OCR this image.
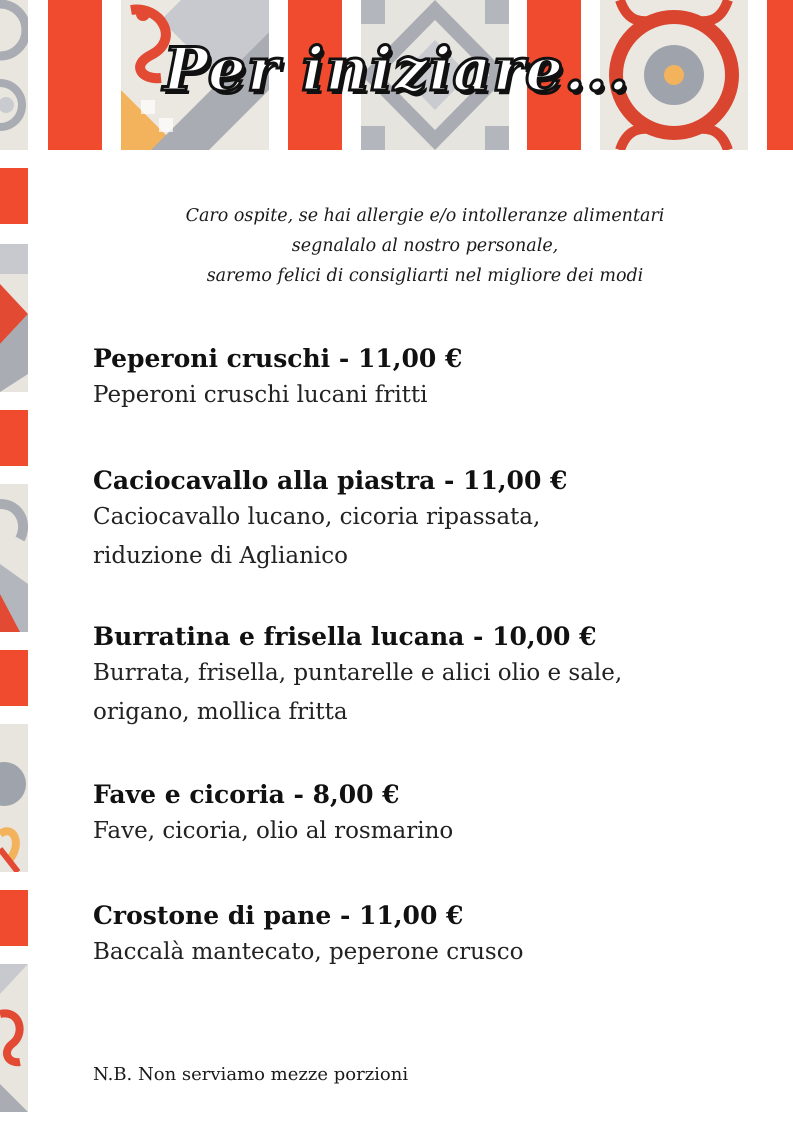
Per iniziare...
Caro ospite, se hai allergie e/o intolleranze alimentari
segnalalo al nostro personale,
saremo felici di consigliarti nel migliore dei modi
Peperoni cruschi - 11,00 €
Peperoni cruschi lucani fritti
Caciocavallo alla piastra - 11,00 €
Caciocavallo lucano, cicoria ripassata,
riduzione di Aglianico
Burratina e frisella lucana - 10,00 €
Burrata, frisella, puntarelle e alici olio e sale,
origano, mollica fritta
Fave e cicoria - 8,00 €
Fave, cicoria, olio al rosmarino
Crostone di pane - 11,00 €
Baccalà mantecato, peperone crusco
N.B. Non serviamo mezze porzioni
